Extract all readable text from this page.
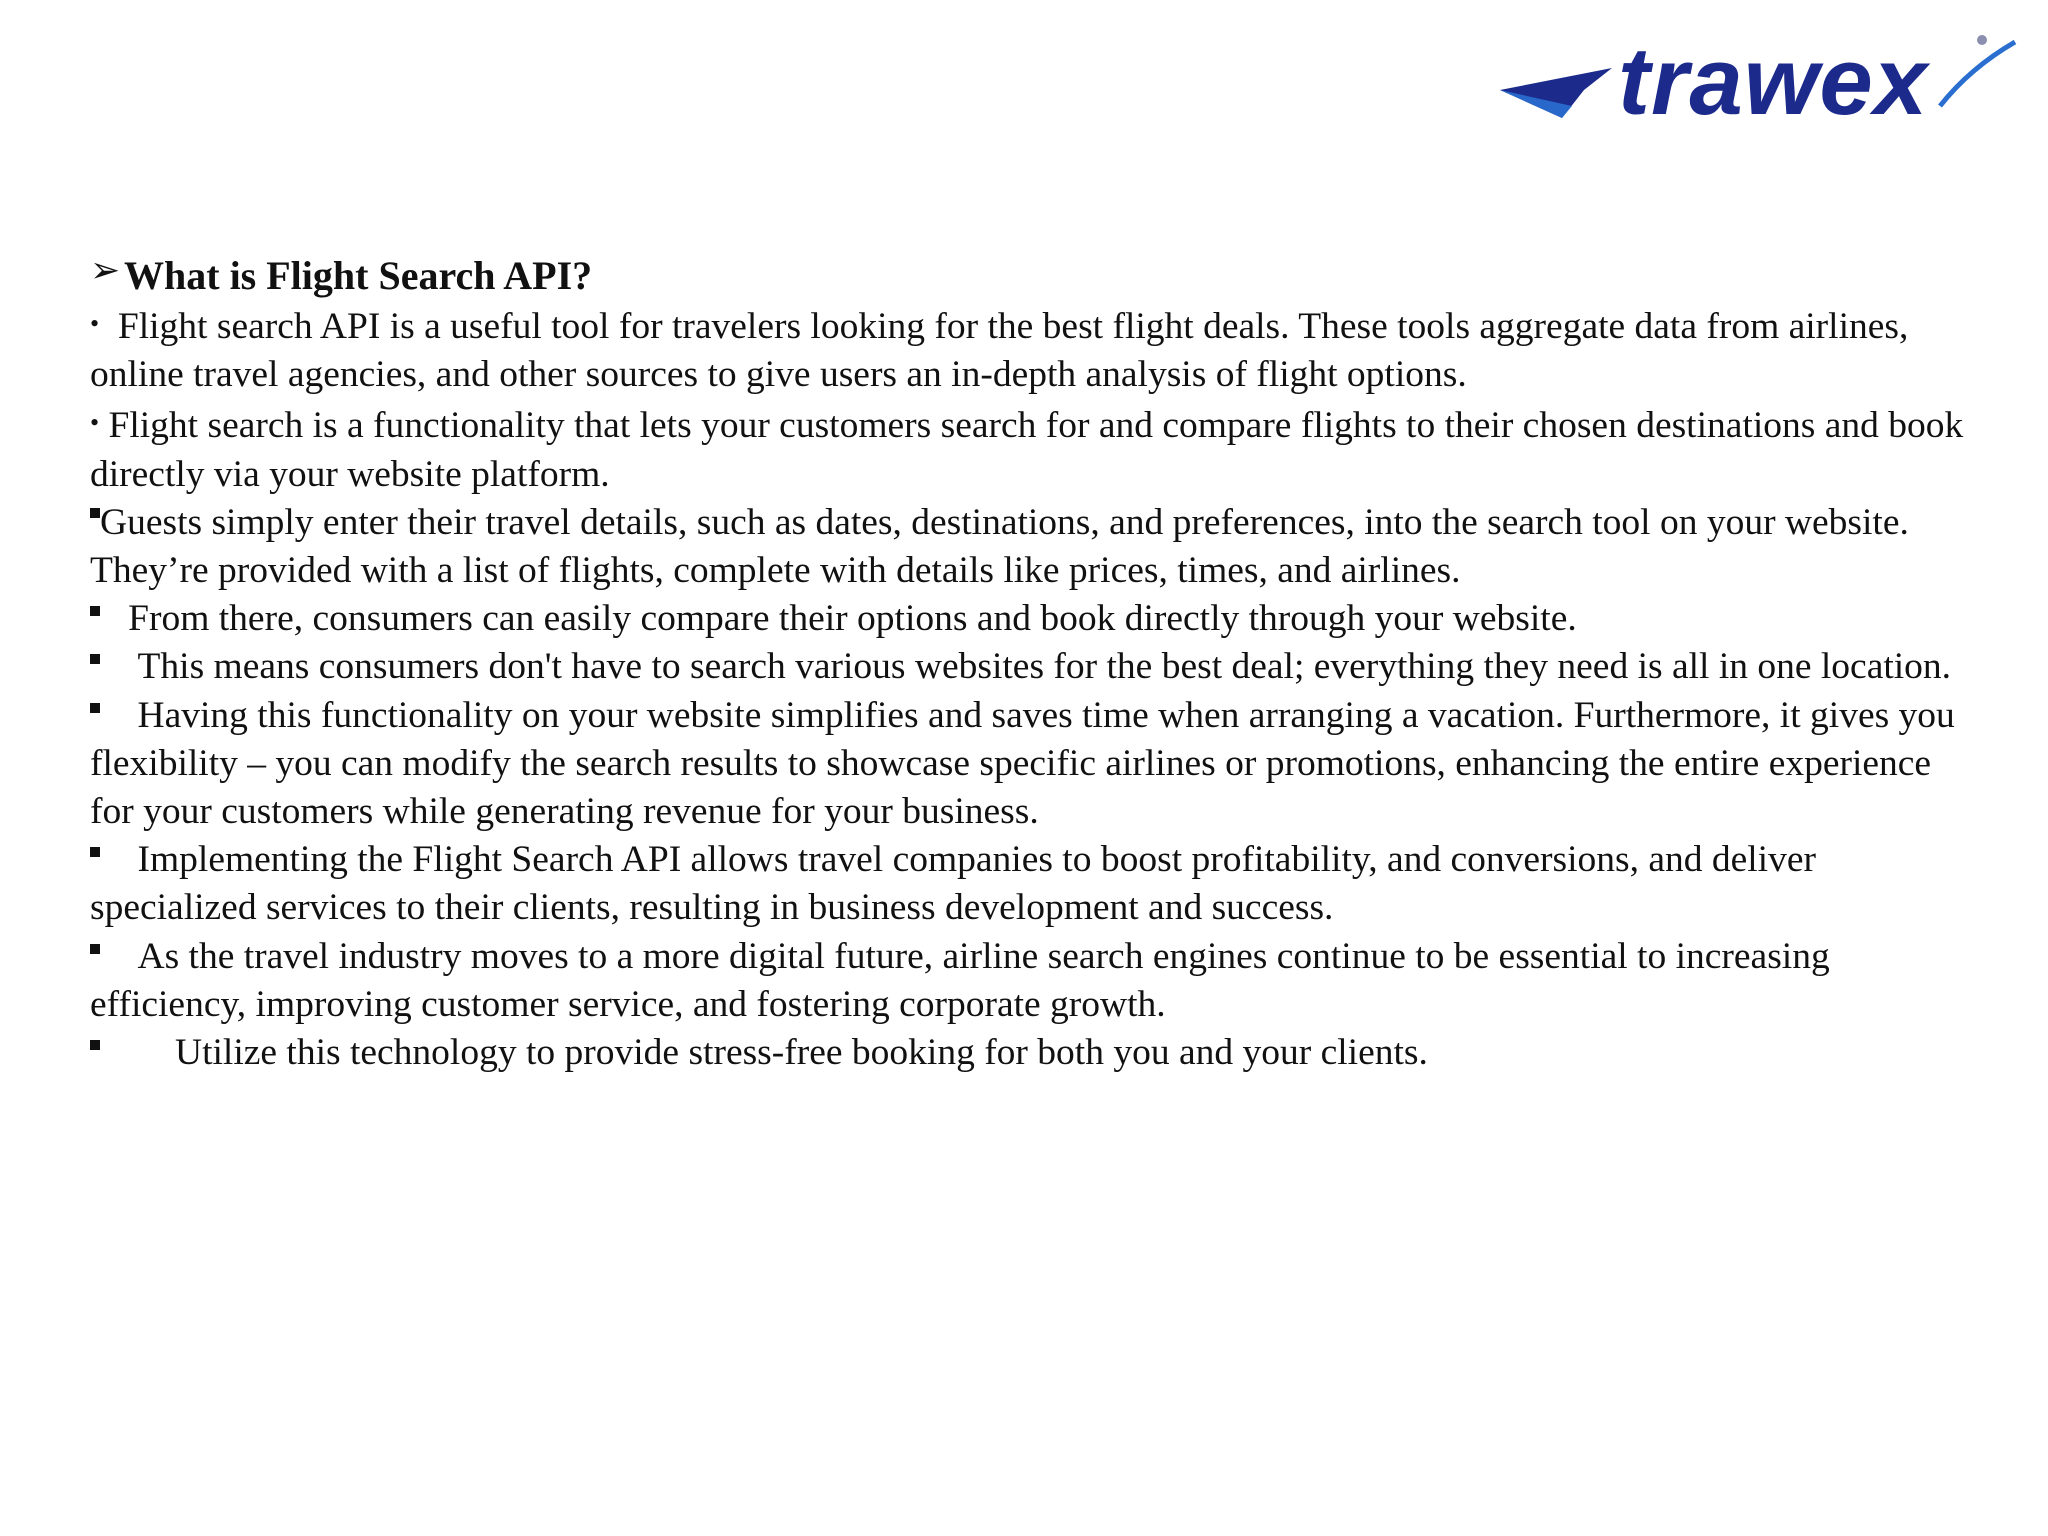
trawex
➢ What is Flight Search API?

• Flight search API is a useful tool for travelers looking for the best flight deals. These tools aggregate data from airlines, online travel agencies, and other sources to give users an in-depth analysis of flight options.

• Flight search is a functionality that lets your customers search for and compare flights to their chosen destinations and book directly via your website platform.

Guests simply enter their travel details, such as dates, destinations, and preferences, into the search tool on your website. They’re provided with a list of flights, complete with details like prices, times, and airlines.

From there, consumers can easily compare their options and book directly through your website.

This means consumers don't have to search various websites for the best deal; everything they need is all in one location.

Having this functionality on your website simplifies and saves time when arranging a vacation. Furthermore, it gives you flexibility – you can modify the search results to showcase specific airlines or promotions, enhancing the entire experience for your customers while generating revenue for your business.

Implementing the Flight Search API allows travel companies to boost profitability, and conversions, and deliver specialized services to their clients, resulting in business development and success.

As the travel industry moves to a more digital future, airline search engines continue to be essential to increasing efficiency, improving customer service, and fostering corporate growth.

Utilize this technology to provide stress-free booking for both you and your clients.
